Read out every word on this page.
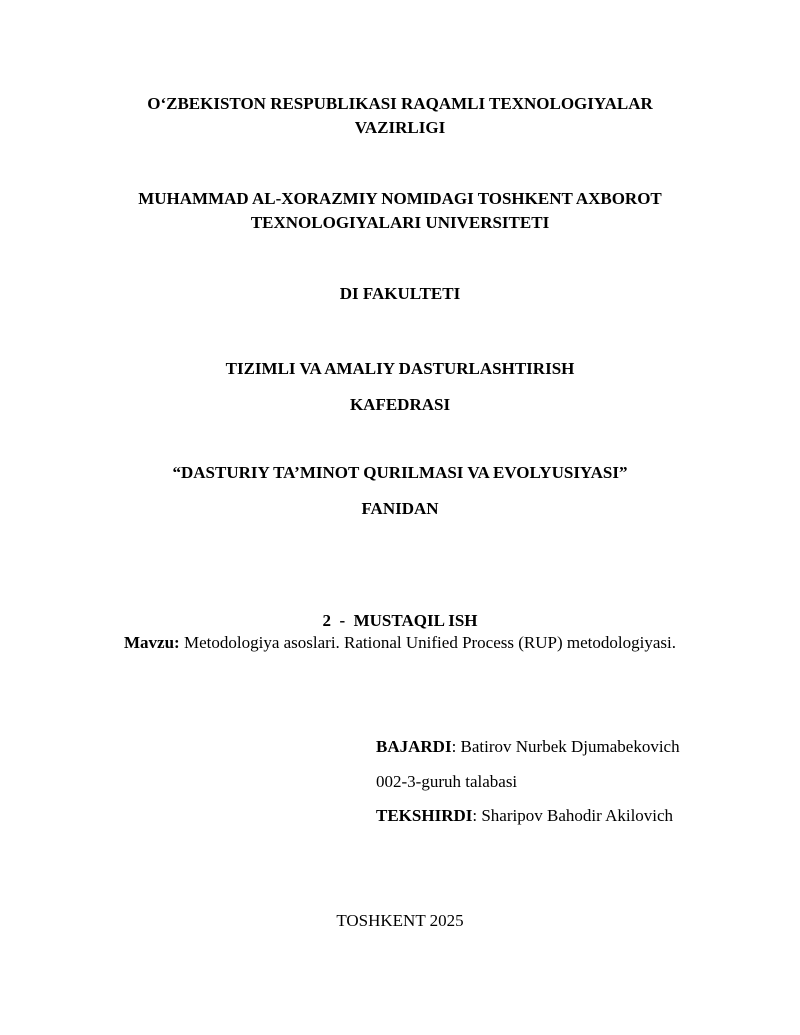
O‘ZBEKISTON RESPUBLIKASI RAQAMLI TEXNOLOGIYALAR
VAZIRLIGI
MUHAMMAD AL-XORAZMIY NOMIDAGI TOSHKENT AXBOROT
TEXNOLOGIYALARI UNIVERSITETI
DI FAKULTETI
TIZIMLI VA AMALIY DASTURLASHTIRISH
KAFEDRASI
“DASTURIY TA’MINOT QURILMASI VA EVOLYUSIYASI”
FANIDAN

2  -  MUSTAQIL ISH

Mavzu: Metodologiya asoslari. Rational Unified Process (RUP) metodologiyasi.
BAJARDI: Batirov Nurbek Djumabekovich
002-3-guruh talabasi
TEKSHIRDI: Sharipov Bahodir Akilovich
TOSHKENT 2025
